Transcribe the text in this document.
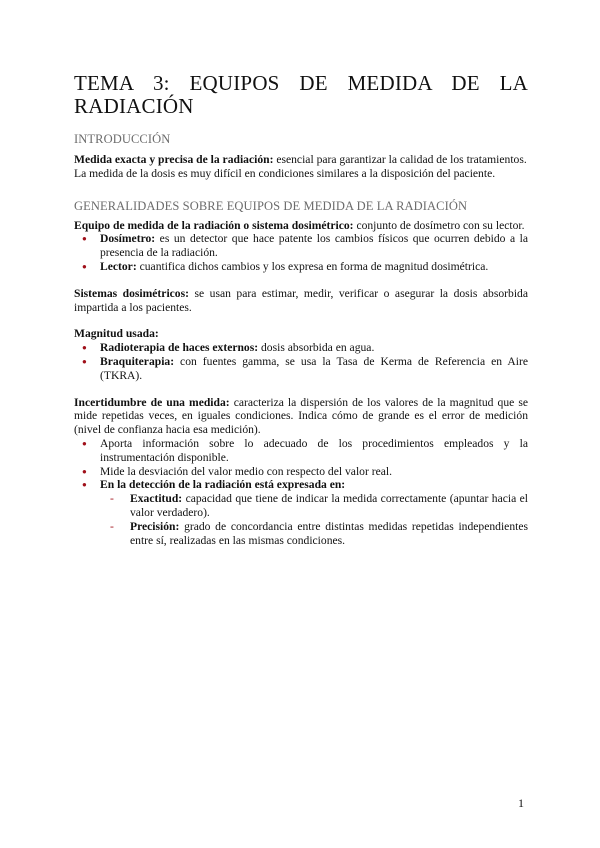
TEMA 3: EQUIPOS DE MEDIDA DE LA
RADIACIÓN
INTRODUCCIÓN

Medida exacta y precisa de la radiación: esencial para garantizar la calidad de los tratamientos.

La medida de la dosis es muy difícil en condiciones similares a la disposición del paciente.

GENERALIDADES SOBRE EQUIPOS DE MEDIDA DE LA RADIACIÓN

Equipo de medida de la radiación o sistema dosimétrico: conjunto de dosímetro con su lector.

● Dosímetro: es un detector que hace patente los cambios físicos que ocurren debido a la presencia de la radiación.
● Lector: cuantifica dichos cambios y los expresa en forma de magnitud dosimétrica.

Sistemas dosimétricos: se usan para estimar, medir, verificar o asegurar la dosis absorbida impartida a los pacientes.

Magnitud usada:

● Radioterapia de haces externos: dosis absorbida en agua.
● Braquiterapia: con fuentes gamma, se usa la Tasa de Kerma de Referencia en Aire (TKRA).

Incertidumbre de una medida: caracteriza la dispersión de los valores de la magnitud que se mide repetidas veces, en iguales condiciones. Indica cómo de grande es el error de medición (nivel de confianza hacia esa medición).

● Aporta información sobre lo adecuado de los procedimientos empleados y la instrumentación disponible.
● Mide la desviación del valor medio con respecto del valor real.
● En la detección de la radiación está expresada en:
- Exactitud: capacidad que tiene de indicar la medida correctamente (apuntar hacia el valor verdadero).
- Precisión: grado de concordancia entre distintas medidas repetidas independientes entre sí, realizadas en las mismas condiciones.
1
